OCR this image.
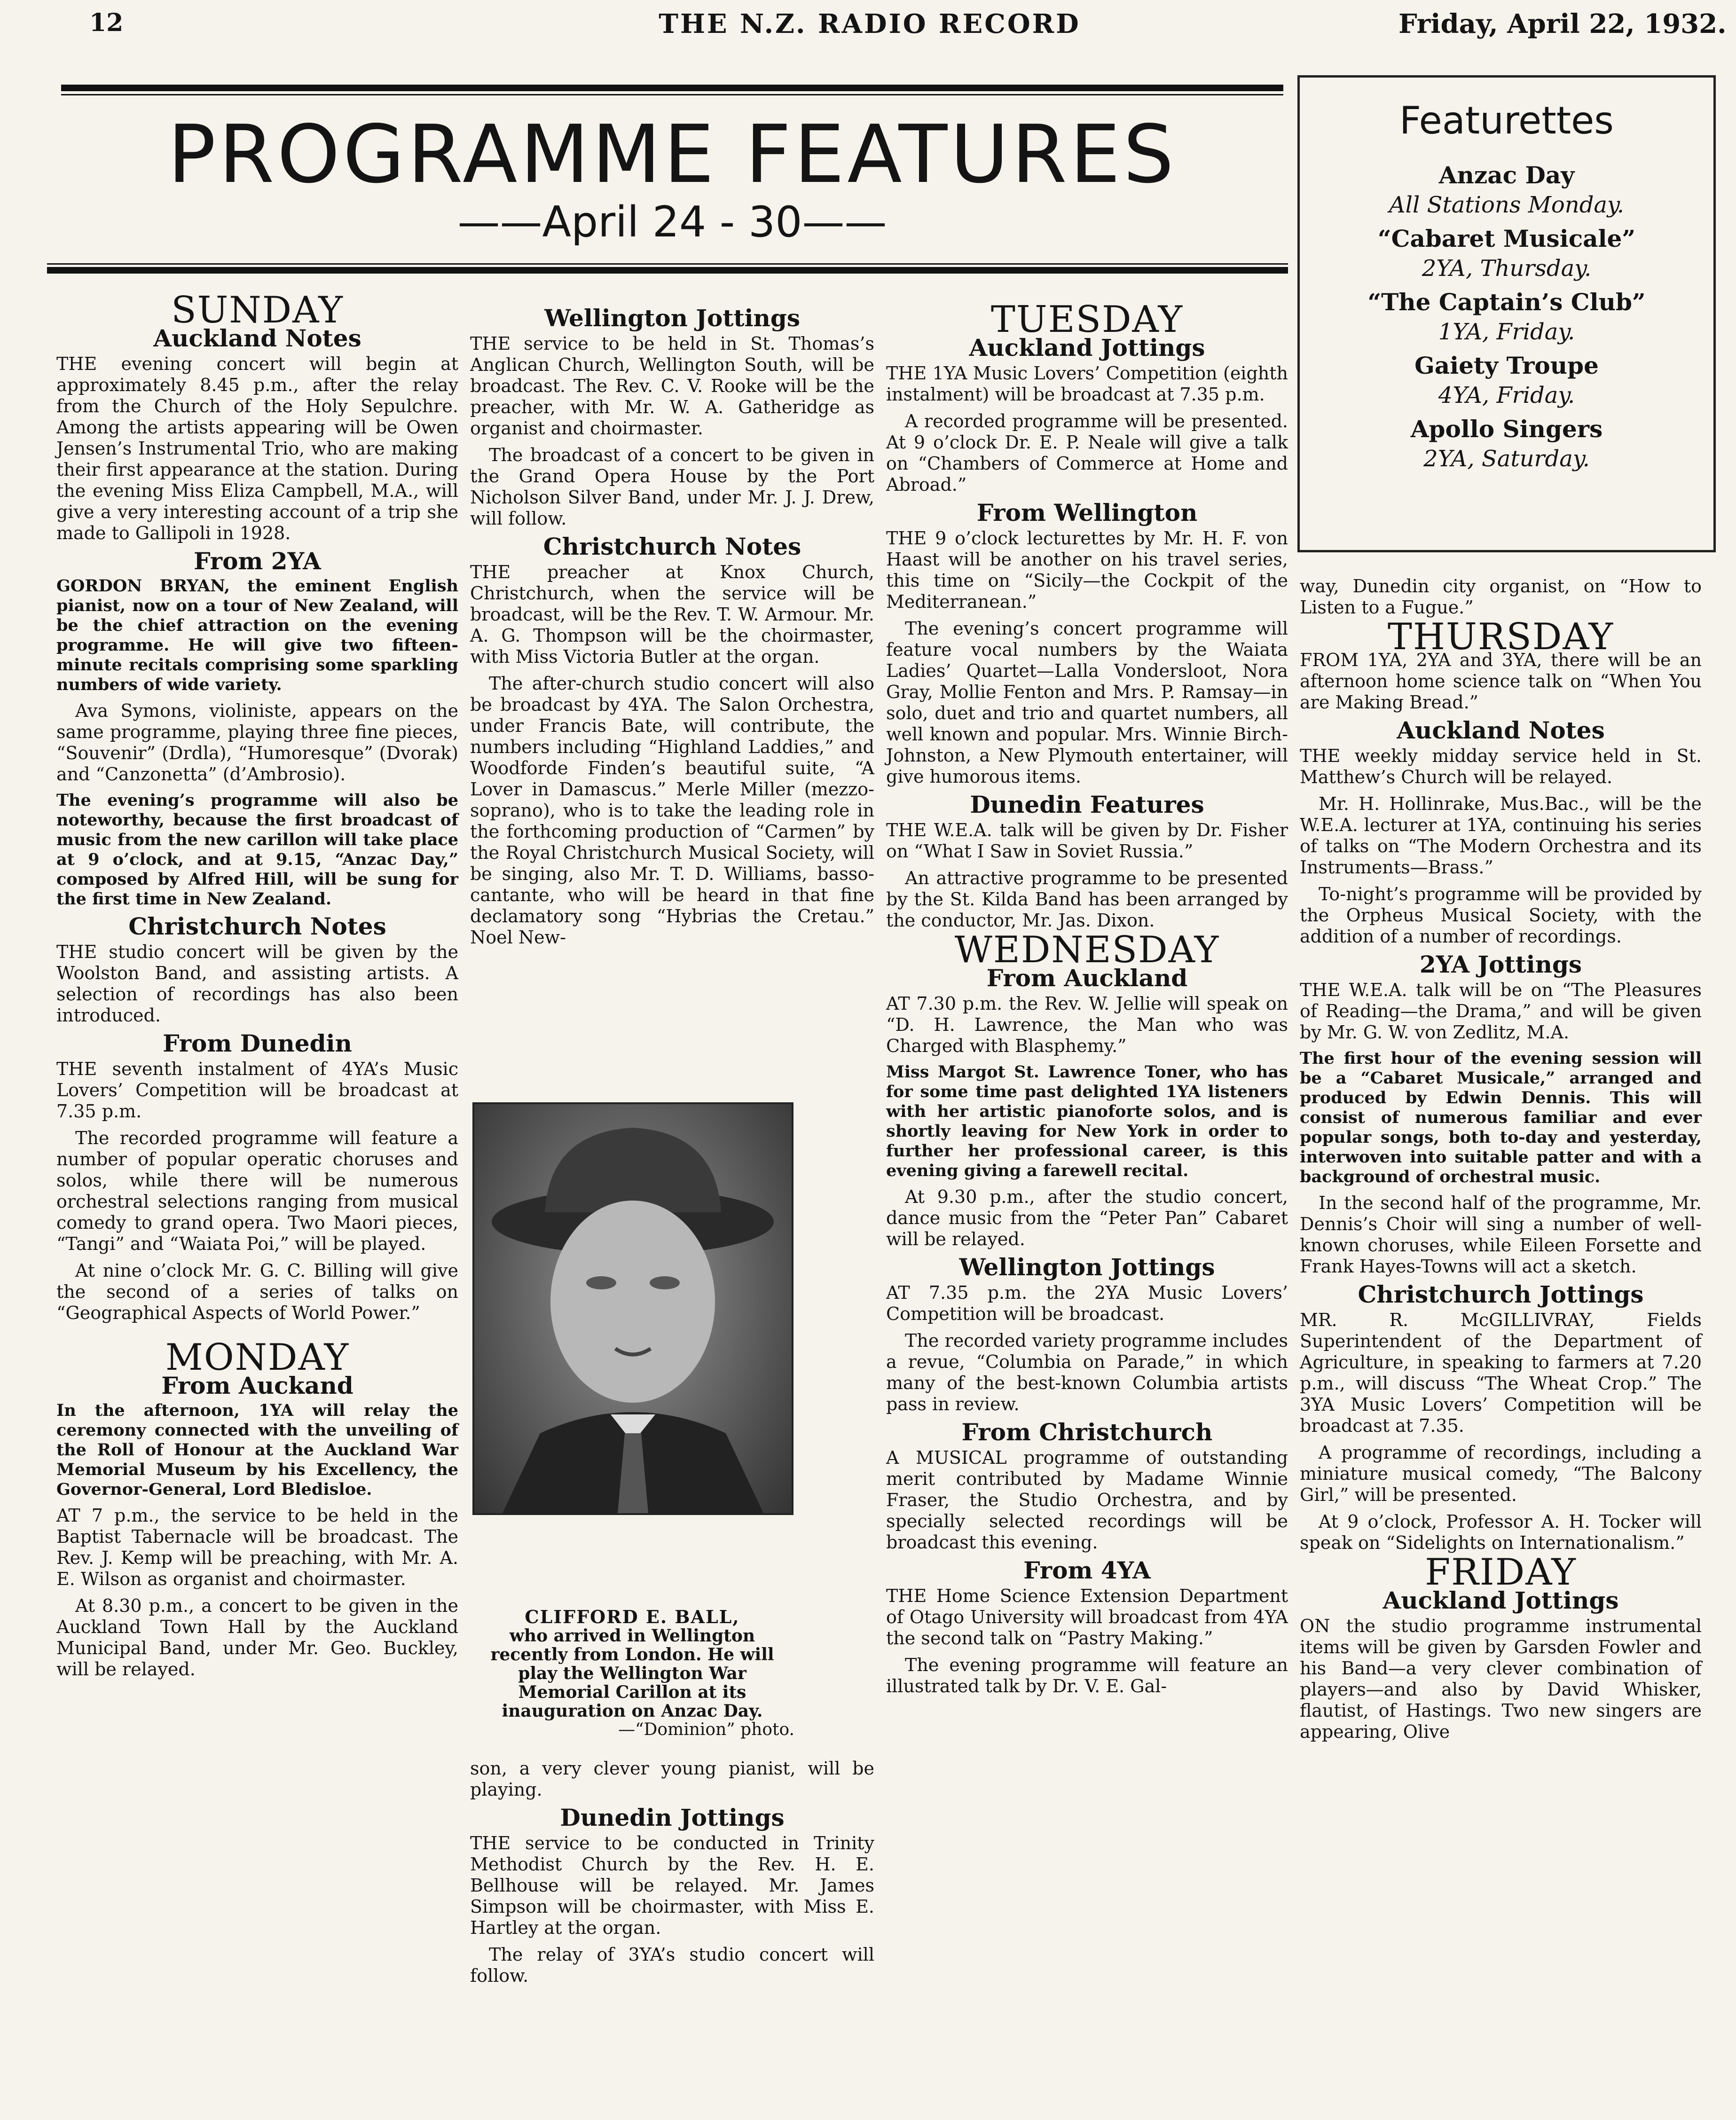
12	THE N.Z. RADIO RECORD	Friday, April 22, 1932.
PROGRAMME FEATURES
——April 24 - 30——
Featurettes
Anzac Day
All Stations Monday.
“Cabaret Musicale”
2YA, Thursday.
“The Captain’s Club”
1YA, Friday.
Gaiety Troupe
4YA, Friday.
Apollo Singers
2YA, Saturday.
SUNDAY
Auckland Notes

THE evening concert will begin at approximately 8.45 p.m., after the relay from the Church of the Holy Sepulchre. Among the artists appearing will be Owen Jensen’s Instrumental Trio, who are making their first appearance at the station. During the evening Miss Eliza Campbell, M.A., will give a very interesting account of a trip she made to Gallipoli in 1928.

From 2YA

GORDON BRYAN, the eminent English pianist, now on a tour of New Zealand, will be the chief attraction on the evening programme. He will give two fifteen-minute recitals comprising some sparkling numbers of wide variety.

Ava Symons, violiniste, appears on the same programme, playing three fine pieces, “Souvenir” (Drdla), “Humoresque” (Dvorak) and “Canzonetta” (d’Ambrosio).

The evening’s programme will also be noteworthy, because the first broadcast of music from the new carillon will take place at 9 o’clock, and at 9.15, “Anzac Day,” composed by Alfred Hill, will be sung for the first time in New Zealand.

Christchurch Notes

THE studio concert will be given by the Woolston Band, and assisting artists. A selection of recordings has also been introduced.

From Dunedin

THE seventh instalment of 4YA’s Music Lovers’ Competition will be broadcast at 7.35 p.m.

The recorded programme will feature a number of popular operatic choruses and solos, while there will be numerous orchestral selections ranging from musical comedy to grand opera. Two Maori pieces, “Tangi” and “Waiata Poi,” will be played.

At nine o’clock Mr. G. C. Billing will give the second of a series of talks on “Geographical Aspects of World Power.”

MONDAY
From Auckand

In the afternoon, 1YA will relay the ceremony connected with the unveiling of the Roll of Honour at the Auckland War Memorial Museum by his Excellency, the Governor-General, Lord Bledisloe.

AT 7 p.m., the service to be held in the Baptist Tabernacle will be broadcast. The Rev. J. Kemp will be preaching, with Mr. A. E. Wilson as organist and choirmaster.

At 8.30 p.m., a concert to be given in the Auckland Town Hall by the Auckland Municipal Band, under Mr. Geo. Buckley, will be relayed.

Wellington Jottings

THE service to be held in St. Thomas’s Anglican Church, Wellington South, will be broadcast. The Rev. C. V. Rooke will be the preacher, with Mr. W. A. Gatheridge as organist and choirmaster.

The broadcast of a concert to be given in the Grand Opera House by the Port Nicholson Silver Band, under Mr. J. J. Drew, will follow.

Christchurch Notes

THE preacher at Knox Church, Christchurch, when the service will be broadcast, will be the Rev. T. W. Armour. Mr. A. G. Thompson will be the choirmaster, with Miss Victoria Butler at the organ.

The after-church studio concert will also be broadcast by 4YA. The Salon Orchestra, under Francis Bate, will contribute, the numbers including “Highland Laddies,” and Woodforde Finden’s beautiful suite, “A Lover in Damascus.” Merle Miller (mezzo-soprano), who is to take the leading role in the forthcoming production of “Carmen” by the Royal Christchurch Musical Society, will be singing, also Mr. T. D. Williams, basso-cantante, who will be heard in that fine declamatory song “Hybrias the Cretau.” Noel New-

CLIFFORD E. BALL,
who arrived in Wellington recently from London. He will play the Wellington War Memorial Carillon at its inauguration on Anzac Day.
—“Dominion” photo.

son, a very clever young pianist, will be playing.

Dunedin Jottings

THE service to be conducted in Trinity Methodist Church by the Rev. H. E. Bellhouse will be relayed. Mr. James Simpson will be choirmaster, with Miss E. Hartley at the organ.

The relay of 3YA’s studio concert will follow.

TUESDAY
Auckland Jottings

THE 1YA Music Lovers’ Competition (eighth instalment) will be broadcast at 7.35 p.m.

A recorded programme will be presented. At 9 o’clock Dr. E. P. Neale will give a talk on “Chambers of Commerce at Home and Abroad.”

From Wellington

THE 9 o’clock lecturettes by Mr. H. F. von Haast will be another on his travel series, this time on “Sicily—the Cockpit of the Mediterranean.”

The evening’s concert programme will feature vocal numbers by the Waiata Ladies’ Quartet—Lalla Vondersloot, Nora Gray, Mollie Fenton and Mrs. P. Ramsay—in solo, duet and trio and quartet numbers, all well known and popular. Mrs. Winnie Birch-Johnston, a New Plymouth entertainer, will give humorous items.

Dunedin Features

THE W.E.A. talk will be given by Dr. Fisher on “What I Saw in Soviet Russia.”

An attractive programme to be presented by the St. Kilda Band has been arranged by the conductor, Mr. Jas. Dixon.

WEDNESDAY
From Auckland

AT 7.30 p.m. the Rev. W. Jellie will speak on “D. H. Lawrence, the Man who was Charged with Blasphemy.”

Miss Margot St. Lawrence Toner, who has for some time past delighted 1YA listeners with her artistic pianoforte solos, and is shortly leaving for New York in order to further her professional career, is this evening giving a farewell recital.

At 9.30 p.m., after the studio concert, dance music from the “Peter Pan” Cabaret will be relayed.

Wellington Jottings

AT 7.35 p.m. the 2YA Music Lovers’ Competition will be broadcast.

The recorded variety programme includes a revue, “Columbia on Parade,” in which many of the best-known Columbia artists pass in review.

From Christchurch

A MUSICAL programme of outstanding merit contributed by Madame Winnie Fraser, the Studio Orchestra, and by specially selected recordings will be broadcast this evening.

From 4YA

THE Home Science Extension Department of Otago University will broadcast from 4YA the second talk on “Pastry Making.”

The evening programme will feature an illustrated talk by Dr. V. E. Gal-

way, Dunedin city organist, on “How to Listen to a Fugue.”

THURSDAY

FROM 1YA, 2YA and 3YA, there will be an afternoon home science talk on “When You are Making Bread.”

Auckland Notes

THE weekly midday service held in St. Matthew’s Church will be relayed.

Mr. H. Hollinrake, Mus.Bac., will be the W.E.A. lecturer at 1YA, continuing his series of talks on “The Modern Orchestra and its Instruments—Brass.”

To-night’s programme will be provided by the Orpheus Musical Society, with the addition of a number of recordings.

2YA Jottings

THE W.E.A. talk will be on “The Pleasures of Reading—the Drama,” and will be given by Mr. G. W. von Zedlitz, M.A.

The first hour of the evening session will be a “Cabaret Musicale,” arranged and produced by Edwin Dennis. This will consist of numerous familiar and ever popular songs, both to-day and yesterday, interwoven into suitable patter and with a background of orchestral music.

In the second half of the programme, Mr. Dennis’s Choir will sing a number of well-known choruses, while Eileen Forsette and Frank Hayes-Towns will act a sketch.

Christchurch Jottings

MR. R. McGILLIVRAY, Fields Superintendent of the Department of Agriculture, in speaking to farmers at 7.20 p.m., will discuss “The Wheat Crop.” The 3YA Music Lovers’ Competition will be broadcast at 7.35.

A programme of recordings, including a miniature musical comedy, “The Balcony Girl,” will be presented.

At 9 o’clock, Professor A. H. Tocker will speak on “Sidelights on Internationalism.”

FRIDAY
Auckland Jottings

ON the studio programme instrumental items will be given by Garsden Fowler and his Band—a very clever combination of players—and also by David Whisker, flautist, of Hastings. Two new singers are appearing, Olive
